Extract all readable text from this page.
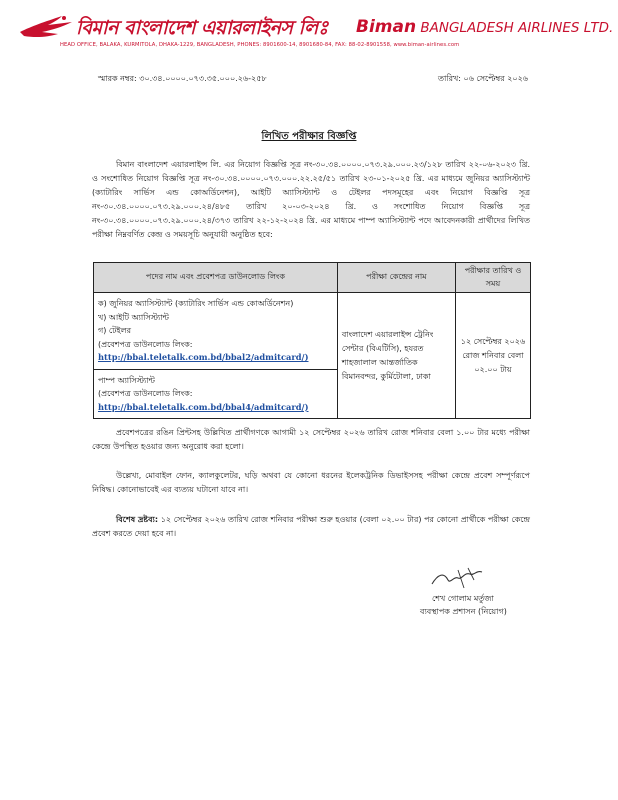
বিমান বাংলাদেশ এয়ারলাইনস লিঃ Biman BANGLADESH AIRLINES LTD.
HEAD OFFICE, BALAKA, KURMITOLA, DHAKA-1229, BANGLADESH, PHONES: 8901600-14, 8901680-84, FAX: 88-02-8901558, www.biman-airlines.com
স্মারক নম্বর: ৩০.৩৪.০০০০.০৭৩.৩৫.০০০.২৬-২৫৮	তারিখ: ০৬ সেপ্টেম্বর ২০২৬
লিখিত পরীক্ষার বিজ্ঞপ্তি
বিমান বাংলাদেশ এয়ারলাইন্স লি. এর নিয়োগ বিজ্ঞপ্তি সূত্র নং-৩০.৩৪.০০০০.০৭৩.২৯.০০০.২৩/১২৮ তারিখ ২২-০৬-২০২৩ খ্রি. ও সংশোধিত নিয়োগ বিজ্ঞপ্তি সূত্র নং-৩০.৩৪.০০০০.০৭৩.০০০.২২.২৫/৫১ তারিখ ২৩-০১-২০২৫ খ্রি. এর মাধ্যমে জুনিয়র অ্যাসিস্ট্যান্ট (ক্যাটারিং সার্ভিস এন্ড কোঅর্ডিনেশন), আইটি অ্যাসিস্ট্যান্ট ও টেইলর পদসমূহের এবং নিয়োগ বিজ্ঞপ্তি সূত্র নং-৩০.৩৪.০০০০.০৭৩.২৯.০০০.২৪/৪৮৫ তারিখ ২০-০৩-২০২৪ খ্রি. ও সংশোধিত নিয়োগ বিজ্ঞপ্তি সূত্র নং-৩০.৩৪.০০০০.০৭৩.২৯.০০০.২৪/৩৭৩ তারিখ ২২-১২-২০২৪ খ্রি. এর মাধ্যমে পাম্প অ্যাসিস্ট্যান্ট পদে আবেদনকারী প্রার্থীদের লিখিত পরীক্ষা নিম্নবর্ণিত কেন্দ্র ও সময়সূচি অনুযায়ী অনুষ্ঠিত হবে:
পদের নাম এবং প্রবেশপত্র ডাউনলোড লিংক	পরীক্ষা কেন্দ্রের নাম	পরীক্ষার তারিখ ও সময়

ক) জুনিয়র অ্যাসিস্ট্যান্ট (ক্যাটারিং সার্ভিস এন্ড কোঅর্ডিনেশন)
খ) আইটি অ্যাসিস্ট্যান্ট
গ) টেইলর
(প্রবেশপত্র ডাউনলোড লিংক:
http://bbal.teletalk.com.bd/bbal2/admitcard/)	বাংলাদেশ এয়ারলাইন্স ট্রেনিং সেন্টার (বিএটিসি), হযরত শাহজালাল আন্তর্জাতিক বিমানবন্দর, কুর্মিটোলা, ঢাকা	১২ সেপ্টেম্বর ২০২৬ রোজ শনিবার বেলা ০২.০০ টায়

পাম্প অ্যাসিস্ট্যান্ট
(প্রবেশপত্র ডাউনলোড লিংক:
http://bbal.teletalk.com.bd/bbal4/admitcard/)		
প্রবেশপত্রের রঙিন প্রিন্টসহ উল্লিখিত প্রার্থীগণকে আগামী ১২ সেপ্টেম্বর ২০২৬ তারিখ রোজ শনিবার বেলা ১.০০ টার মধ্যে পরীক্ষা কেন্দ্রে উপস্থিত হওয়ার জন্য অনুরোধ করা হলো।
উল্লেখ্য, মোবাইল ফোন, ক্যালকুলেটর, ঘড়ি অথবা যে কোনো ধরনের ইলেকট্রনিক ডিভাইসসহ পরীক্ষা কেন্দ্রে প্রবেশ সম্পূর্ণরূপে নিষিদ্ধ। কোনোভাবেই এর ব্যত্যয় ঘটানো যাবে না।
বিশেষ দ্রষ্টব্য: ১২ সেপ্টেম্বর ২০২৬ তারিখ রোজ শনিবার পরীক্ষা শুরু হওয়ার (বেলা ০২.০০ টার) পর কোনো প্রার্থীকে পরীক্ষা কেন্দ্রে প্রবেশ করতে দেয়া হবে না।
শেখ গোলাম মর্তুজা
ব্যবস্থাপক প্রশাসন (নিয়োগ)
